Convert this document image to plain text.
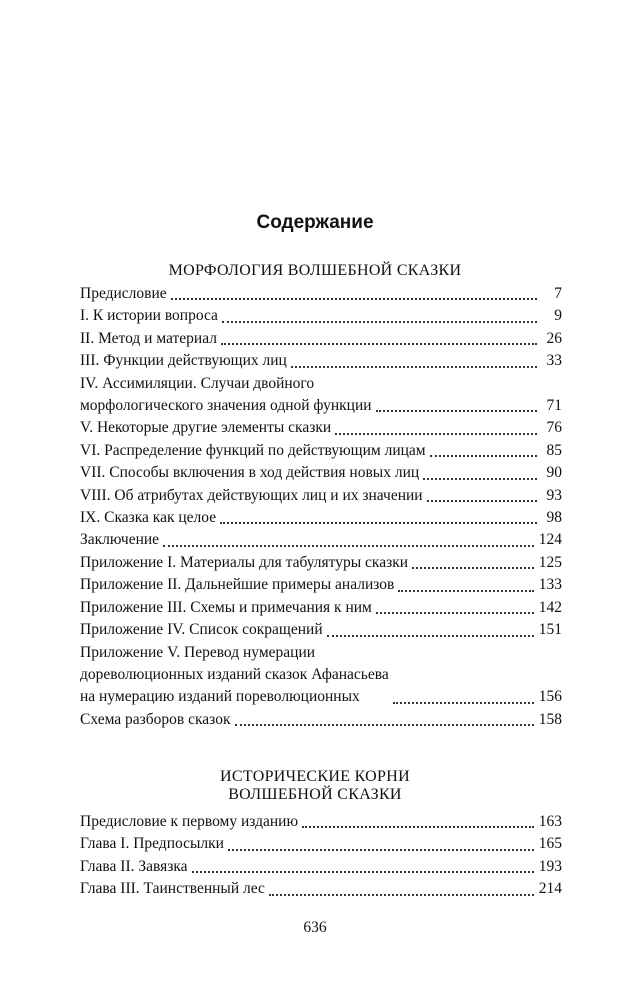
Содержание
МОРФОЛОГИЯ ВОЛШЕБНОЙ СКАЗКИ
Предисловие	7
I. К истории вопроса	9
II. Метод и материал	26
III. Функции действующих лиц	33
IV. Ассимиляции. Случаи двойного
морфологического значения одной функции	71
V. Некоторые другие элементы сказки	76
VI. Распределение функций по действующим лицам	85
VII. Способы включения в ход действия новых лиц	90
VIII. Об атрибутах действующих лиц и их значении	93
IX. Сказка как целое	98
Заключение	124
Приложение I. Материалы для табулятуры сказки	125
Приложение II. Дальнейшие примеры анализов	133
Приложение III. Схемы и примечания к ним	142
Приложение IV. Список сокращений	151
Приложение V. Перевод нумерации
дореволюционных изданий сказок Афанасьева
на нумерацию изданий пореволюционных	156
Схема разборов сказок	158
ИСТОРИЧЕСКИЕ КОРНИ
ВОЛШЕБНОЙ СКАЗКИ
Предисловие к первому изданию	163
Глава I. Предпосылки	165
Глава II. Завязка	193
Глава III. Таинственный лес	214
636
